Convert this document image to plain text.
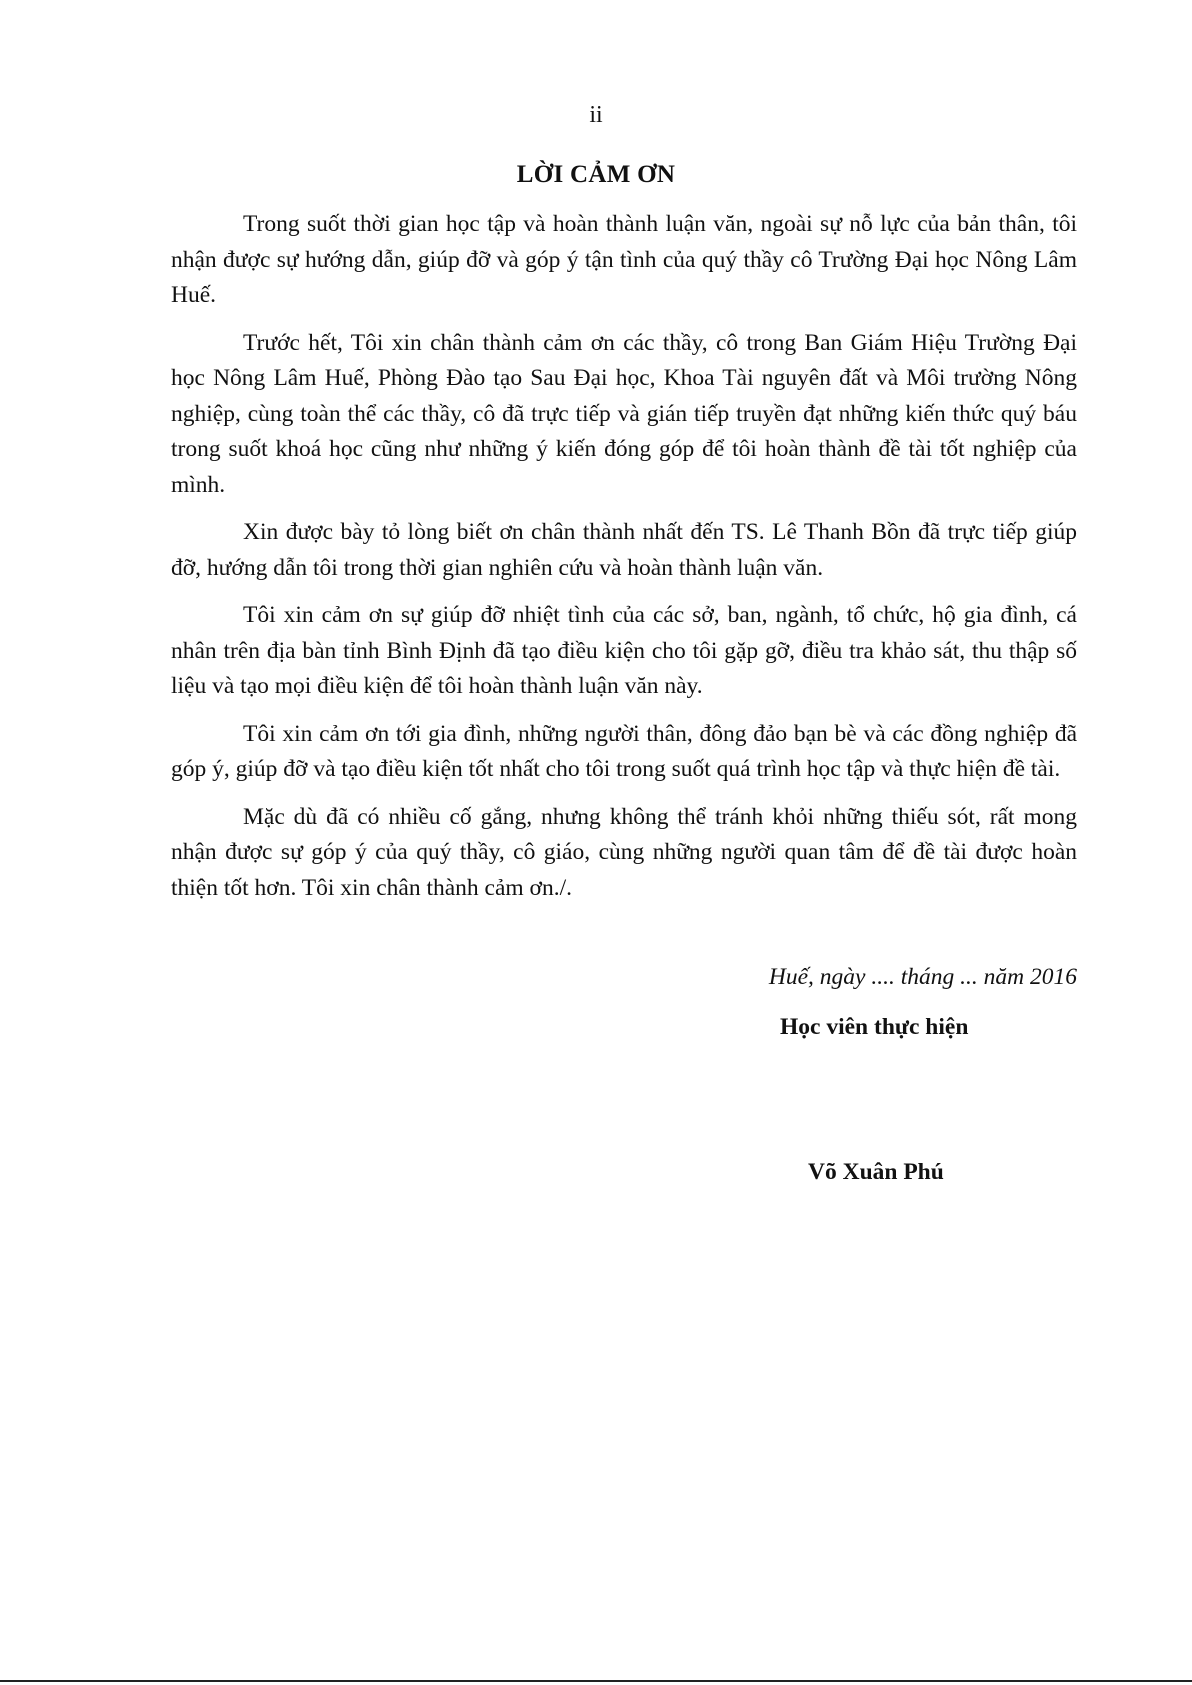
ii
LỜI CẢM ƠN

Trong suốt thời gian học tập và hoàn thành luận văn, ngoài sự nỗ lực của bản thân, tôi nhận được sự hướng dẫn, giúp đỡ và góp ý tận tình của quý thầy cô Trường Đại học Nông Lâm Huế.

Trước hết, Tôi xin chân thành cảm ơn các thầy, cô trong Ban Giám Hiệu Trường Đại học Nông Lâm Huế, Phòng Đào tạo Sau Đại học, Khoa Tài nguyên đất và Môi trường Nông nghiệp, cùng toàn thể các thầy, cô đã trực tiếp và gián tiếp truyền đạt những kiến thức quý báu trong suốt khoá học cũng như những ý kiến đóng góp để tôi hoàn thành đề tài tốt nghiệp của mình.

Xin được bày tỏ lòng biết ơn chân thành nhất đến TS. Lê Thanh Bồn đã trực tiếp giúp đỡ, hướng dẫn tôi trong thời gian nghiên cứu và hoàn thành luận văn.

Tôi xin cảm ơn sự giúp đỡ nhiệt tình của các sở, ban, ngành, tổ chức, hộ gia đình, cá nhân trên địa bàn tỉnh Bình Định đã tạo điều kiện cho tôi gặp gỡ, điều tra khảo sát, thu thập số liệu và tạo mọi điều kiện để tôi hoàn thành luận văn này.

Tôi xin cảm ơn tới gia đình, những người thân, đông đảo bạn bè và các đồng nghiệp đã góp ý, giúp đỡ và tạo điều kiện tốt nhất cho tôi trong suốt quá trình học tập và thực hiện đề tài.

Mặc dù đã có nhiều cố gắng, nhưng không thể tránh khỏi những thiếu sót, rất mong nhận được sự góp ý của quý thầy, cô giáo, cùng những người quan tâm để đề tài được hoàn thiện tốt hơn. Tôi xin chân thành cảm ơn./.

Huế, ngày .... tháng ... năm 2016
Học viên thực hiện
Võ Xuân Phú
